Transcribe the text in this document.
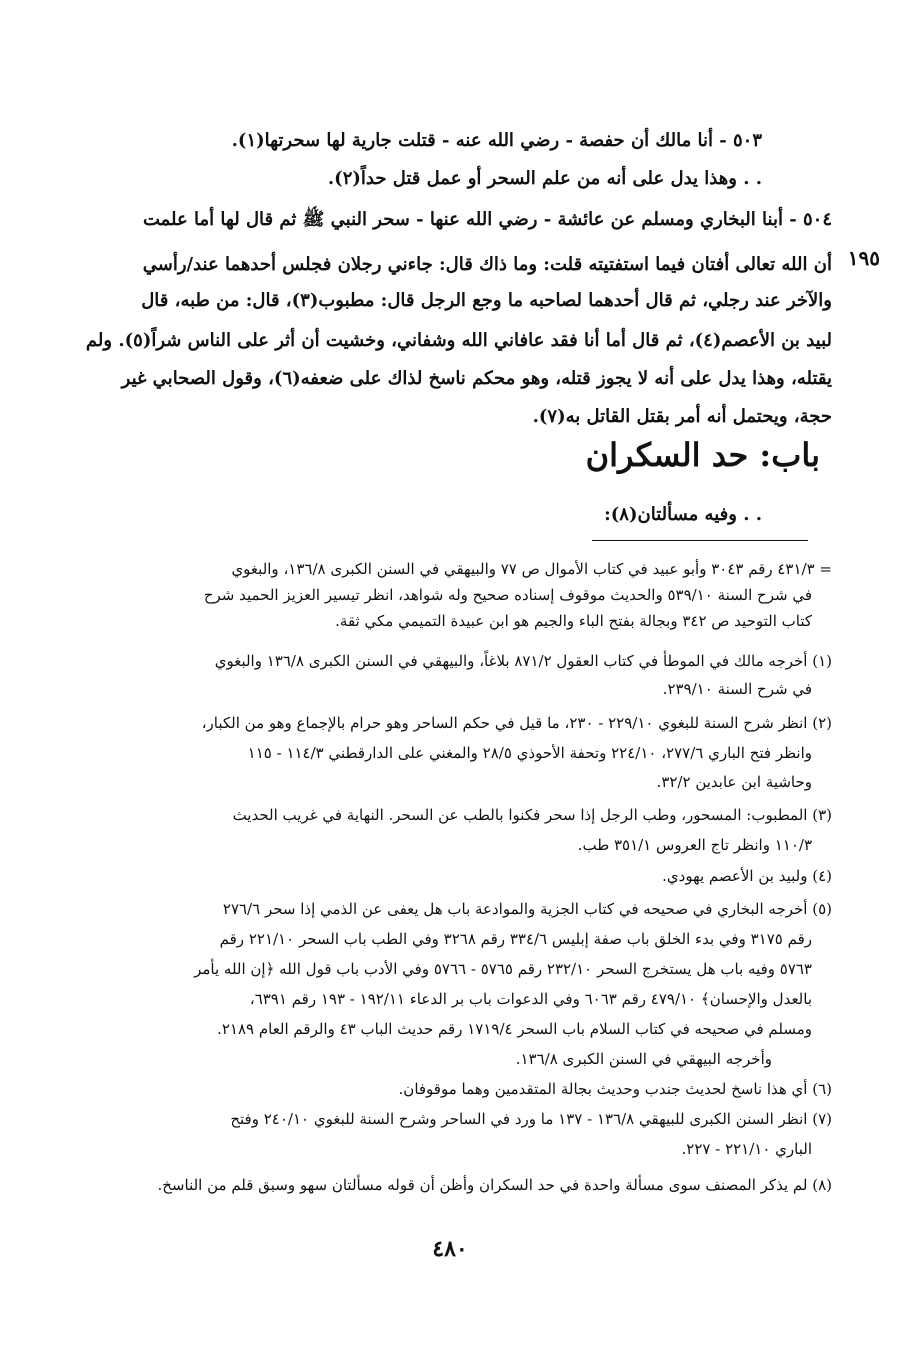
٥٠٣ - أنا مالك أن حفصة - رضي الله عنه - قتلت جارية لها سحرتها(١).
. . وهذا يدل على أنه من علم السحر أو عمل قتل حداً(٢).
٥٠٤ - أبنا البخاري ومسلم عن عائشة - رضي الله عنها - سحر النبي ﷺ ثم قال لها أما علمت
١٩٥
أن الله تعالى أفتان فيما استفتيته قلت: وما ذاك قال: جاءني رجلان فجلس أحدهما عند/رأسي
والآخر عند رجلي، ثم قال أحدهما لصاحبه ما وجع الرجل قال: مطبوب(٣)، قال: من طبه، قال
لبيد بن الأعصم(٤)، ثم قال أما أنا فقد عافاني الله وشفاني، وخشيت أن أثر على الناس شراً(٥). ولم
يقتله، وهذا يدل على أنه لا يجوز قتله، وهو محكم ناسخ لذاك على ضعفه(٦)، وقول الصحابي غير
حجة، ويحتمل أنه أمر بقتل القاتل به(٧).
باب: حد السكران
. . وفيه مسألتان(٨):
= ٤٣١/٣ رقم ٣٠٤٣ وأبو عبيد في كتاب الأموال ص ٧٧ والبيهقي في السنن الكبرى ١٣٦/٨، والبغوي
في شرح السنة ٥٣٩/١٠ والحديث موقوف إسناده صحيح وله شواهد، انظر تيسير العزيز الحميد شرح
كتاب التوحيد ص ٣٤٢ وبجالة بفتح الباء والجيم هو ابن عبيدة التميمي مكي ثقة.
(١) أخرجه مالك في الموطأ في كتاب العقول ٨٧١/٢ بلاغاً، والبيهقي في السنن الكبرى ١٣٦/٨ والبغوي
في شرح السنة ٢٣٩/١٠.
(٢) انظر شرح السنة للبغوي ٢٢٩/١٠ - ٢٣٠، ما قيل في حكم الساحر وهو حرام بالإجماع وهو من الكبار،
وانظر فتح الباري ٢٧٧/٦، ٢٢٤/١٠ وتحفة الأحوذي ٢٨/٥ والمغني على الدارقطني ١١٤/٣ - ١١٥
وحاشية ابن عابدين ٣٢/٢.
(٣) المطبوب: المسحور، وطب الرجل إذا سحر فكنوا بالطب عن السحر. النهاية في غريب الحديث
١١٠/٣ وانظر تاج العروس ٣٥١/١ طب.
(٤) ولبيد بن الأعصم يهودي.
(٥) أخرجه البخاري في صحيحه في كتاب الجزية والموادعة باب هل يعفى عن الذمي إذا سحر ٢٧٦/٦
رقم ٣١٧٥ وفي بدء الخلق باب صفة إبليس ٣٣٤/٦ رقم ٣٢٦٨ وفي الطب باب السحر ٢٢١/١٠ رقم
٥٧٦٣ وفيه باب هل يستخرج السحر ٢٣٢/١٠ رقم ٥٧٦٥ - ٥٧٦٦ وفي الأدب باب قول الله ﴿إن الله يأمر
بالعدل والإحسان﴾ ٤٧٩/١٠ رقم ٦٠٦٣ وفي الدعوات باب بر الدعاء ١٩٢/١١ - ١٩٣ رقم ٦٣٩١،
ومسلم في صحيحه في كتاب السلام باب السحر ١٧١٩/٤ رقم حديث الباب ٤٣ والرقم العام ٢١٨٩.
وأخرجه البيهقي في السنن الكبرى ١٣٦/٨.
(٦) أي هذا ناسخ لحديث جندب وحديث بجالة المتقدمين وهما موقوفان.
(٧) انظر السنن الكبرى للبيهقي ١٣٦/٨ - ١٣٧ ما ورد في الساحر وشرح السنة للبغوي ٢٤٠/١٠ وفتح
الباري ٢٢١/١٠ - ٢٢٧.
(٨) لم يذكر المصنف سوى مسألة واحدة في حد السكران وأظن أن قوله مسألتان سهو وسبق قلم من الناسخ.
٤٨٠
